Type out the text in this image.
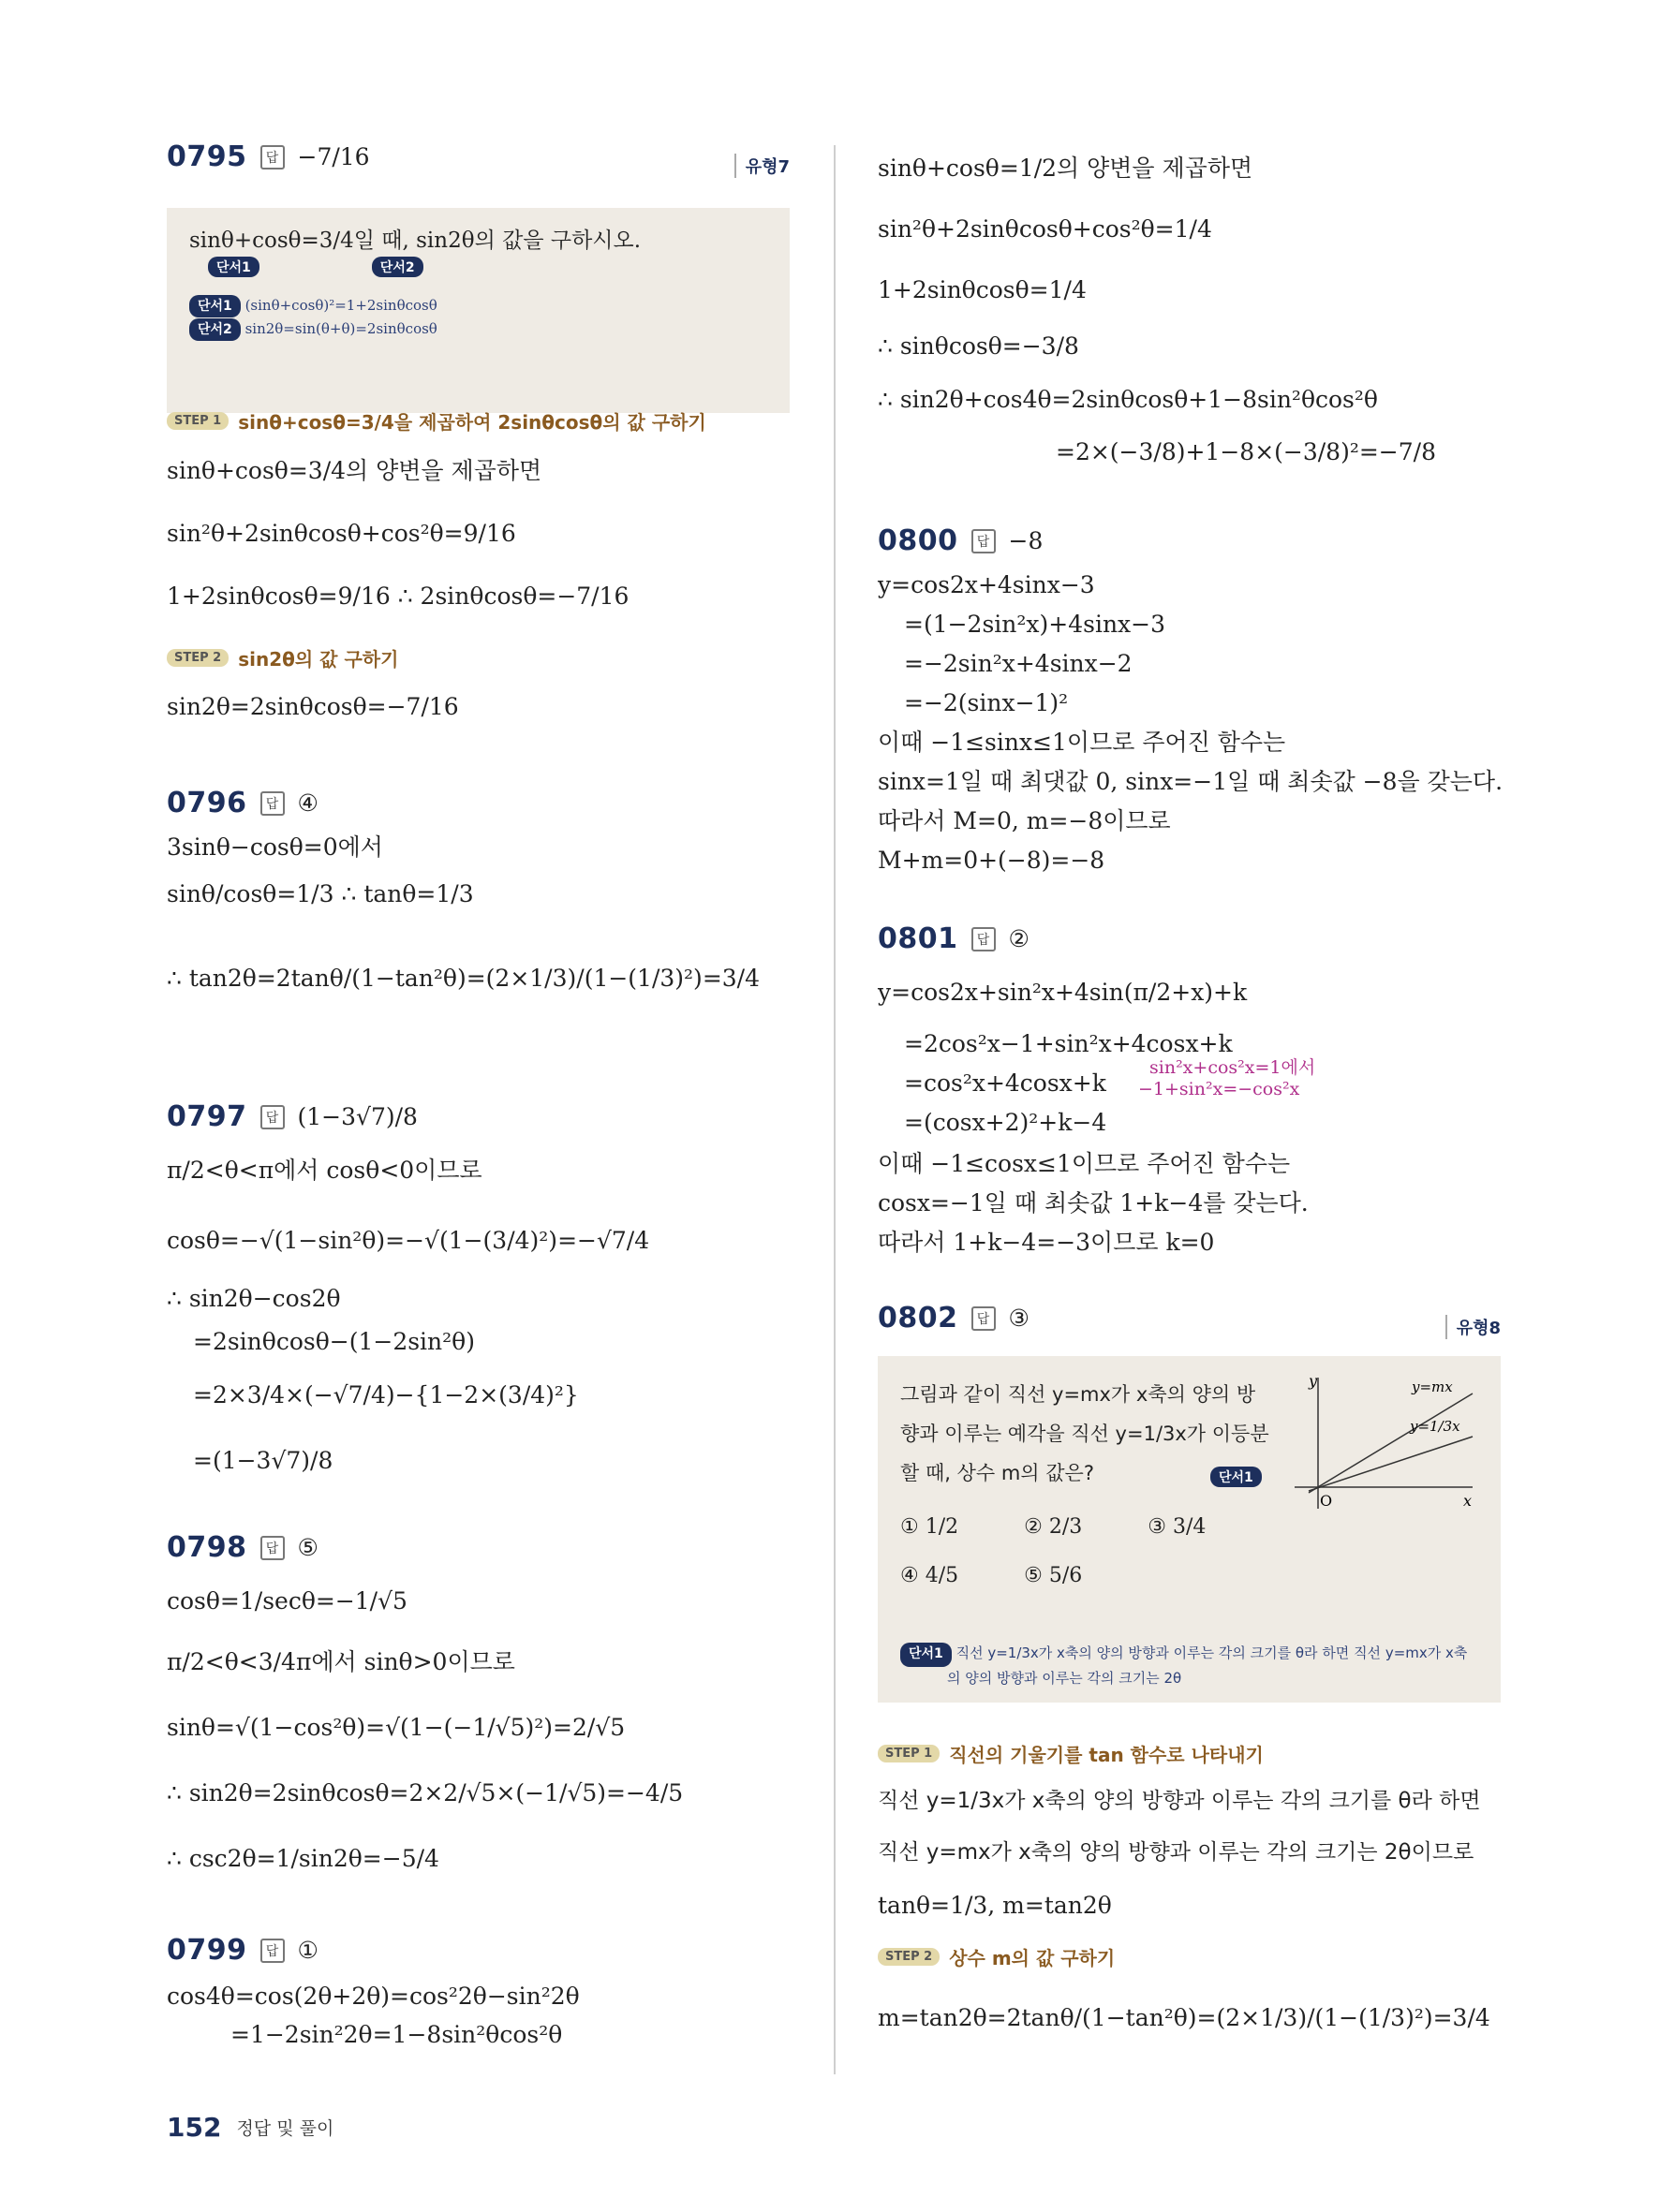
0795	답 −7/16	유형7
sinθ+cosθ=3/4일 때, sin2θ의 값을 구하시오.
단서1	단서2
단서1 (sinθ+cosθ)²=1+2sinθcosθ
단서2 sin2θ=sin(θ+θ)=2sinθcosθ
STEP 1 sinθ+cosθ=3/4을 제곱하여 2sinθcosθ의 값 구하기
sinθ+cosθ=3/4의 양변을 제곱하면
sin²θ+2sinθcosθ+cos²θ=9/16
1+2sinθcosθ=9/16 ∴ 2sinθcosθ=−7/16
STEP 2 sin2θ의 값 구하기
sin2θ=2sinθcosθ=−7/16
0796	답 ④
3sinθ−cosθ=0에서
sinθ/cosθ=1/3 ∴ tanθ=1/3
∴ tan2θ=2tanθ/(1−tan²θ)=(2×1/3)/(1−(1/3)²)=3/4
0797	답 (1−3√7)/8
π/2<θ<π에서 cosθ<0이므로
cosθ=−√(1−sin²θ)=−√(1−(3/4)²)=−√7/4
∴ sin2θ−cos2θ
=2sinθcosθ−(1−2sin²θ)
=2×3/4×(−√7/4)−{1−2×(3/4)²}
=(1−3√7)/8
0798	답 ⑤
cosθ=1/secθ=−1/√5
π/2<θ<3/4π에서 sinθ>0이므로
sinθ=√(1−cos²θ)=√(1−(−1/√5)²)=2/√5
∴ sin2θ=2sinθcosθ=2×2/√5×(−1/√5)=−4/5
∴ csc2θ=1/sin2θ=−5/4
0799	답 ①
cos4θ=cos(2θ+2θ)=cos²2θ−sin²2θ
=1−2sin²2θ=1−8sin²θcos²θ
sinθ+cosθ=1/2의 양변을 제곱하면
sin²θ+2sinθcosθ+cos²θ=1/4
1+2sinθcosθ=1/4
∴ sinθcosθ=−3/8
∴ sin2θ+cos4θ=2sinθcosθ+1−8sin²θcos²θ
=2×(−3/8)+1−8×(−3/8)²=−7/8
0800	답 −8
y=cos2x+4sinx−3
=(1−2sin²x)+4sinx−3
=−2sin²x+4sinx−2
=−2(sinx−1)²
이때 −1≤sinx≤1이므로 주어진 함수는
sinx=1일 때 최댓값 0, sinx=−1일 때 최솟값 −8을 갖는다.
따라서 M=0, m=−8이므로
M+m=0+(−8)=−8
0801	답 ②
y=cos2x+sin²x+4sin(π/2+x)+k
=2cos²x−1+sin²x+4cosx+k
=cos²x+4cosx+k
=(cosx+2)²+k−4
sin²x+cos²x=1에서
−1+sin²x=−cos²x
이때 −1≤cosx≤1이므로 주어진 함수는
cosx=−1일 때 최솟값 1+k−4를 갖는다.
따라서 1+k−4=−3이므로 k=0
0802	답 ③	유형8
그림과 같이 직선 y=mx가 x축의 양의 방
향과 이루는 예각을 직선 y=1/3x가 이등분
할 때, 상수 m의 값은?	단서1
① 1/2	② 2/3	③ 3/4
④ 4/5	⑤ 5/6
y
x
O
y=mx
y=1/3x
단서1 직선 y=1/3x가 x축의 양의 방향과 이루는 각의 크기를 θ라 하면 직선 y=mx가 x축
의 양의 방향과 이루는 각의 크기는 2θ
STEP 1 직선의 기울기를 tan 함수로 나타내기
직선 y=1/3x가 x축의 양의 방향과 이루는 각의 크기를 θ라 하면
직선 y=mx가 x축의 양의 방향과 이루는 각의 크기는 2θ이므로
tanθ=1/3, m=tan2θ
STEP 2 상수 m의 값 구하기
m=tan2θ=2tanθ/(1−tan²θ)=(2×1/3)/(1−(1/3)²)=3/4
152 정답 및 풀이
